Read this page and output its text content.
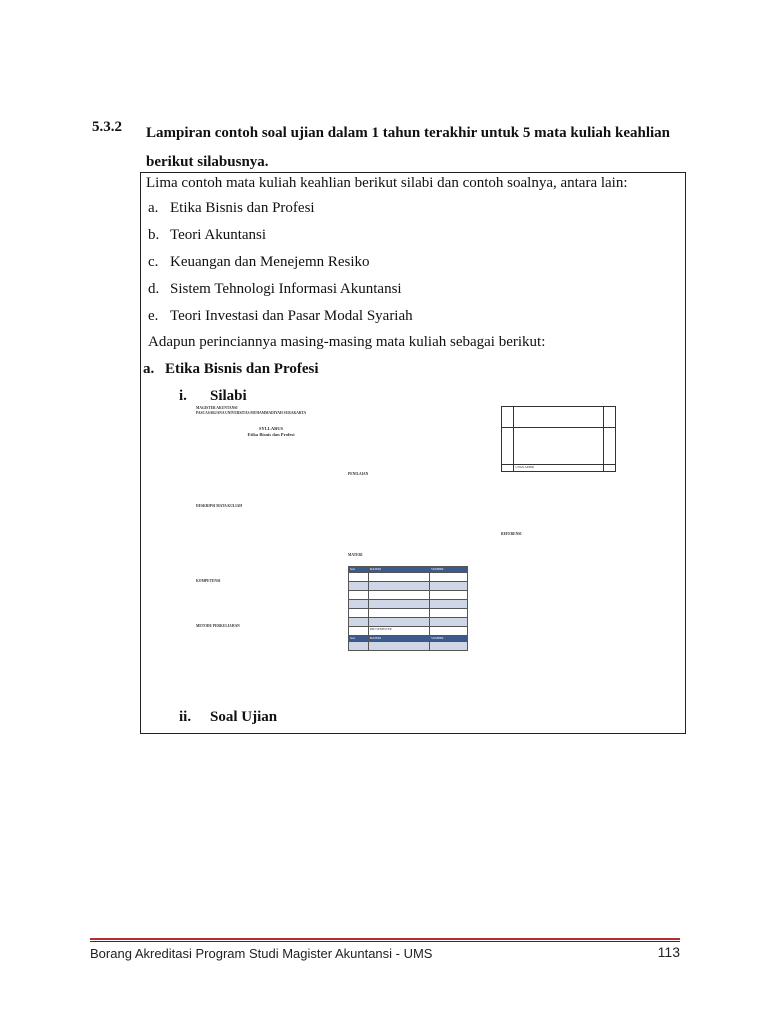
5.3.2 Lampiran contoh soal ujian dalam 1 tahun terakhir untuk 5 mata kuliah keahlian berikut silabusnya.
Lima contoh mata kuliah keahlian berikut silabi dan contoh soalnya, antara lain:
a. Etika Bisnis dan Profesi
b. Teori Akuntansi
c. Keuangan dan Menejemn Resiko
d. Sistem Tehnologi Informasi Akuntansi
e. Teori Investasi dan Pasar Modal Syariah
Adapun perinciannya masing-masing mata kuliah sebagai berikut:
a. Etika Bisnis dan Profesi
i.	Silabi
MAGISTER AKUNTANSI
PASCASARJANA UNIVERSITAS MUHAMMADIYAH SURAKARTA
SYLLABUS
Etika Bisnis dan Profesi
DESKRIPSI MATA KULIAH
KOMPETENSI
METODE PERKULIAHAN
PENILAIAN
MATERI
Sesi	MATERI	SUMBER

	MID SEMESTER	
Sesi	MATERI	SUMBER

	UJIAN AKHIR	
REFERENSI
ii.	Soal Ujian
Borang Akreditasi Program Studi Magister Akuntansi - UMS	113
